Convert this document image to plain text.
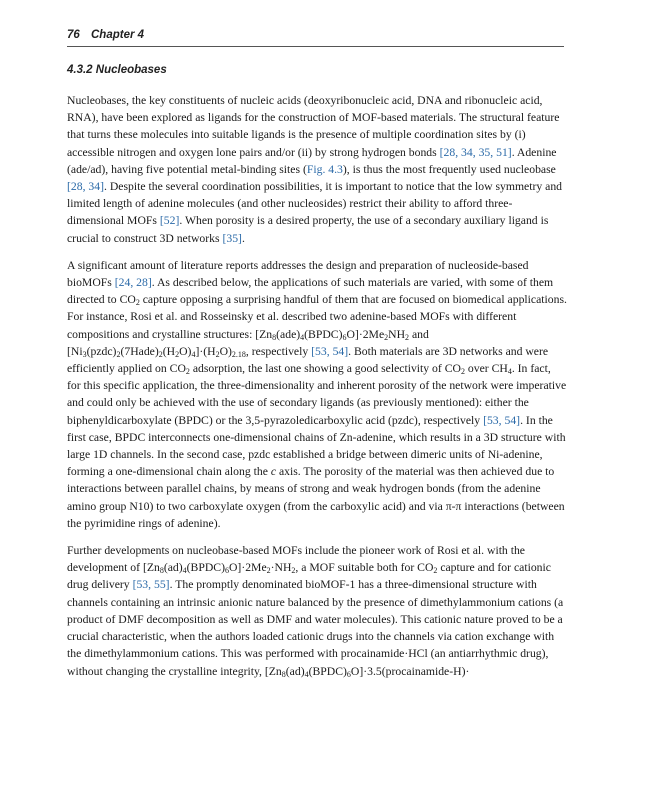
76 Chapter 4
4.3.2 Nucleobases

Nucleobases, the key constituents of nucleic acids (deoxyribonucleic acid, DNA and ribonucleic acid, RNA), have been explored as ligands for the construction of MOF-based materials. The structural feature that turns these molecules into suitable ligands is the presence of multiple coordination sites by (i) accessible nitrogen and oxygen lone pairs and/or (ii) by strong hydrogen bonds [28, 34, 35, 51]. Adenine (ade/ad), having five potential metal-binding sites (Fig. 4.3), is thus the most frequently used nucleobase [28, 34]. Despite the several coordination possibilities, it is important to notice that the low symmetry and limited length of adenine molecules (and other nucleosides) restrict their ability to afford three-dimensional MOFs [52]. When porosity is a desired property, the use of a secondary auxiliary ligand is crucial to construct 3D networks [35].

A significant amount of literature reports addresses the design and preparation of nucleoside-based bioMOFs [24, 28]. As described below, the applications of such materials are varied, with some of them directed to $CO_2$ capture opposing a surprising handful of them that are focused on biomedical applications. For instance, Rosi et al. and Rosseinsky et al. described two adenine-based MOFs with different compositions and crystalline structures: $[Zn_8(ade)_4(BPDC)_6O]\cdot 2Me_2NH_2$ and $[Ni_3(pzdc)_2(7Hade)_2(H_2O)_4]\cdot(H_2O)_{2.18}$, respectively [53, 54]. Both materials are 3D networks and were efficiently applied on $CO_2$ adsorption, the last one showing a good selectivity of $CO_2$ over $CH_4$. In fact, for this specific application, the three-dimensionality and inherent porosity of the network were imperative and could only be achieved with the use of secondary ligands (as previously mentioned): either the biphenyldicarboxylate (BPDC) or the 3,5-pyrazoledicarboxylic acid (pzdc), respectively [53, 54]. In the first case, BPDC interconnects one-dimensional chains of Zn-adenine, which results in a 3D structure with large 1D channels. In the second case, pzdc established a bridge between dimeric units of Ni-adenine, forming a one-dimensional chain along the c axis. The porosity of the material was then achieved due to interactions between parallel chains, by means of strong and weak hydrogen bonds (from the adenine amino group N10) to two carboxylate oxygen (from the carboxylic acid) and via π-π interactions (between the pyrimidine rings of adenine).

Further developments on nucleobase-based MOFs include the pioneer work of Rosi et al. with the development of $[Zn_8(ad)_4(BPDC)_6O]\cdot 2Me_2\cdot NH_2$, a MOF suitable both for $CO_2$ capture and for cationic drug delivery [53, 55]. The promptly denominated bioMOF-1 has a three-dimensional structure with channels containing an intrinsic anionic nature balanced by the presence of dimethylammonium cations (a product of DMF decomposition as well as DMF and water molecules). This cationic nature proved to be a crucial characteristic, when the authors loaded cationic drugs into the channels via cation exchange with the dimethylammonium cations. This was performed with procainamide·HCl (an antiarrhythmic drug), without changing the crystalline integrity, $[Zn_8(ad)_4(BPDC)_6O]\cdot 3.5(procainamide-H)\cdot$
